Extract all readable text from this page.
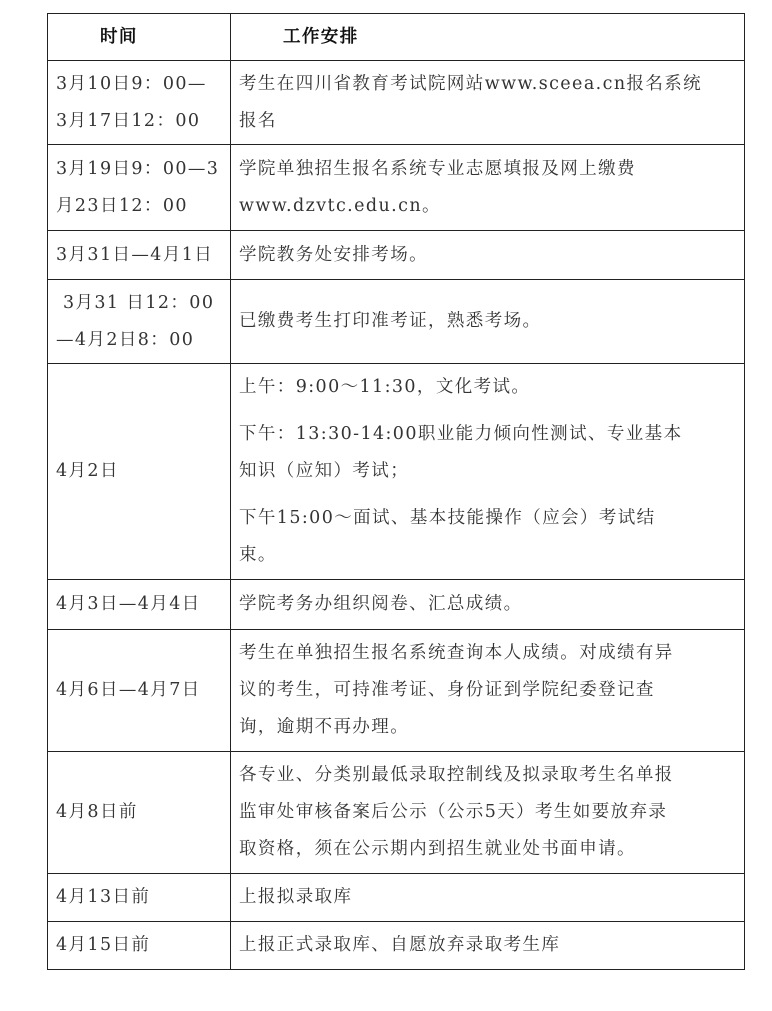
时间	工作安排

3月10日9：00—
3月17日12：00	考生在四川省教育考试院网站www.sceea.cn报名系统
报名

3月19日9：00—3
月23日12：00	学院单独招生报名系统专业志愿填报及网上缴费
www.dzvtc.edu.cn。

3月31日—4月1日	学院教务处安排考场。

3月31 日12：00
—4月2日8：00	已缴费考生打印准考证，熟悉考场。

4月2日	上午：9:00～11:30，文化考试。
下午：13:30-14:00职业能力倾向性测试、专业基本
知识（应知）考试；
下午15:00～面试、基本技能操作（应会）考试结
束。

4月3日—4月4日	学院考务办组织阅卷、汇总成绩。

4月6日—4月7日	考生在单独招生报名系统查询本人成绩。对成绩有异
议的考生，可持准考证、身份证到学院纪委登记查
询，逾期不再办理。

4月8日前	各专业、分类别最低录取控制线及拟录取考生名单报
监审处审核备案后公示（公示5天）考生如要放弃录
取资格，须在公示期内到招生就业处书面申请。

4月13日前	上报拟录取库

4月15日前	上报正式录取库、自愿放弃录取考生库
